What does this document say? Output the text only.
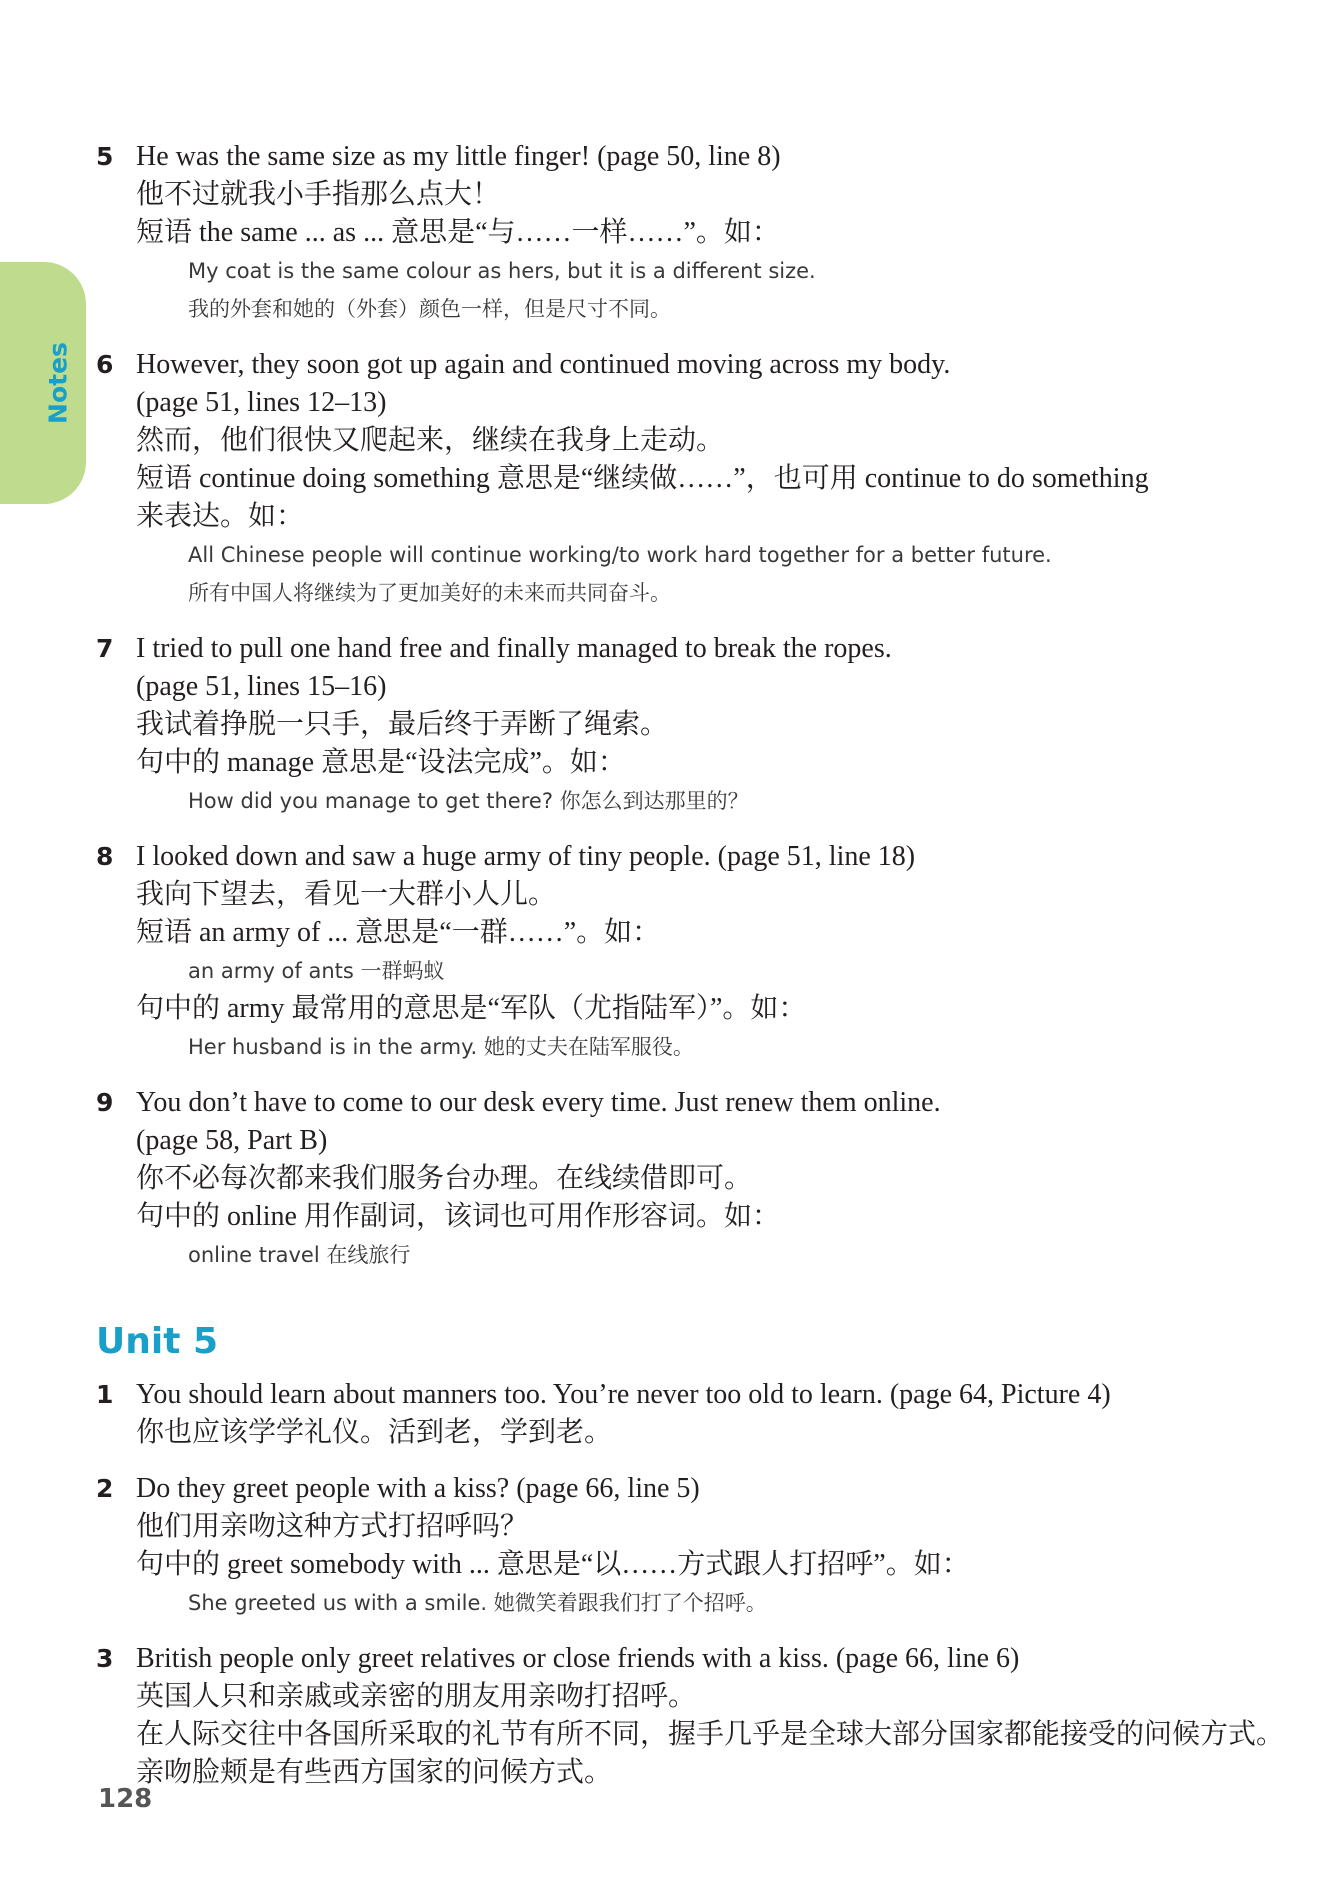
Notes
5 He was the same size as my little finger! (page 50, line 8)
他不过就我小手指那么点大！
短语 the same ... as ... 意思是“与……一样……”。如：
My coat is the same colour as hers, but it is a different size.
我的外套和她的（外套）颜色一样，但是尺寸不同。
6 However, they soon got up again and continued moving across my body.
(page 51, lines 12–13)
然而，他们很快又爬起来，继续在我身上走动。
短语 continue doing something 意思是“继续做……”，也可用 continue to do something
来表达。如：
All Chinese people will continue working/to work hard together for a better future.
所有中国人将继续为了更加美好的未来而共同奋斗。
7 I tried to pull one hand free and finally managed to break the ropes.
(page 51, lines 15–16)
我试着挣脱一只手，最后终于弄断了绳索。
句中的 manage 意思是“设法完成”。如：
How did you manage to get there? 你怎么到达那里的？
8 I looked down and saw a huge army of tiny people. (page 51, line 18)
我向下望去，看见一大群小人儿。
短语 an army of ... 意思是“一群……”。如：
an army of ants 一群蚂蚁
句中的 army 最常用的意思是“军队（尤指陆军）”。如：
Her husband is in the army. 她的丈夫在陆军服役。
9 You don’t have to come to our desk every time. Just renew them online.
(page 58, Part B)
你不必每次都来我们服务台办理。在线续借即可。
句中的 online 用作副词，该词也可用作形容词。如：
online travel 在线旅行
Unit 5
1 You should learn about manners too. You’re never too old to learn. (page 64, Picture 4)
你也应该学学礼仪。活到老，学到老。
2 Do they greet people with a kiss? (page 66, line 5)
他们用亲吻这种方式打招呼吗？
句中的 greet somebody with ... 意思是“以……方式跟人打招呼”。如：
She greeted us with a smile. 她微笑着跟我们打了个招呼。
3 British people only greet relatives or close friends with a kiss. (page 66, line 6)
英国人只和亲戚或亲密的朋友用亲吻打招呼。
在人际交往中各国所采取的礼节有所不同，握手几乎是全球大部分国家都能接受的问候方式。
亲吻脸颊是有些西方国家的问候方式。
128
